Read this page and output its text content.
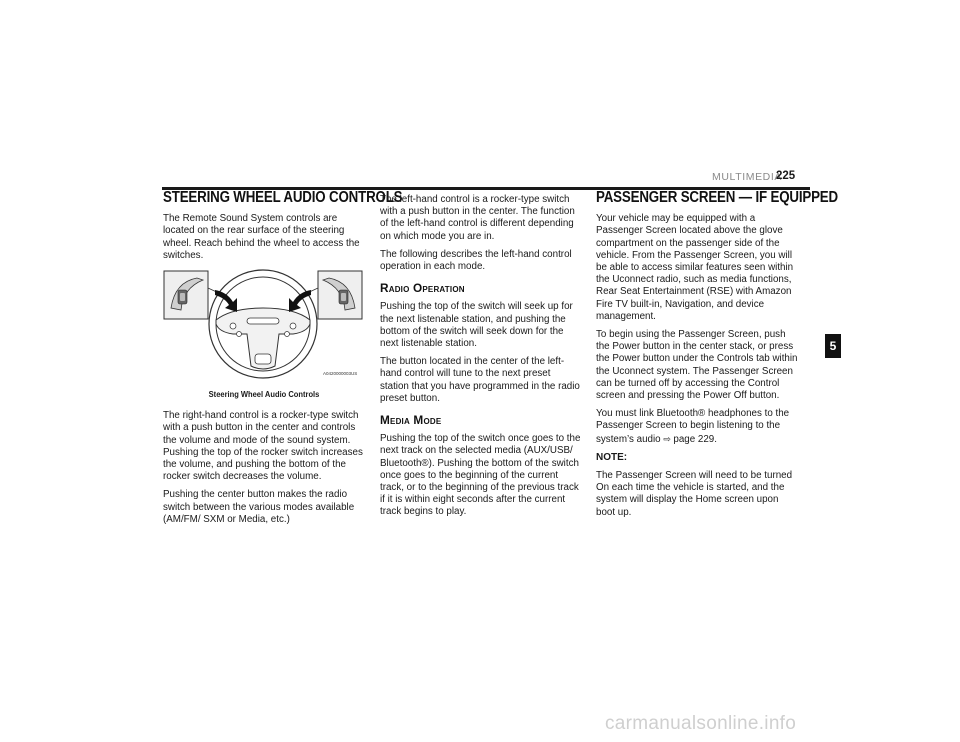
MULTIMEDIA
225
STEERING WHEEL AUDIO CONTROLS

The Remote Sound System controls are located on the rear surface of the steering wheel. Reach behind the wheel to access the switches.

A0420000003US
Steering Wheel Audio Controls

The right-hand control is a rocker-type switch with a push button in the center and controls the volume and mode of the sound system. Pushing the top of the rocker switch increases the volume, and pushing the bottom of the rocker switch decreases the volume.

Pushing the center button makes the radio switch between the various modes available (AM/FM/ SXM or Media, etc.)

The left-hand control is a rocker-type switch with a push button in the center. The function of the left-hand control is different depending on which mode you are in.

The following describes the left-hand control operation in each mode.

Radio Operation

Pushing the top of the switch will seek up for the next listenable station, and pushing the bottom of the switch will seek down for the next listenable station.

The button located in the center of the left-hand control will tune to the next preset station that you have programmed in the radio preset button.

Media Mode

Pushing the top of the switch once goes to the next track on the selected media (AUX/USB/ Bluetooth®). Pushing the bottom of the switch once goes to the beginning of the current track, or to the beginning of the previous track if it is within eight seconds after the current track begins to play.

PASSENGER SCREEN — IF EQUIPPED

Your vehicle may be equipped with a Passenger Screen located above the glove compartment on the passenger side of the vehicle. From the Passenger Screen, you will be able to access similar features seen within the Uconnect radio, such as media functions, Rear Seat Entertainment (RSE) with Amazon Fire TV built-in, Navigation, and device management.

To begin using the Passenger Screen, push the Power button in the center stack, or press the Power button under the Controls tab within the Uconnect system. The Passenger Screen can be turned off by accessing the Control screen and pressing the Power Off button.

You must link Bluetooth® headphones to the Passenger Screen to begin listening to the system’s audio ⇨ page 229.

NOTE:

The Passenger Screen will need to be turned On each time the vehicle is started, and the system will display the Home screen upon boot up.

5
carmanualsonline.info
